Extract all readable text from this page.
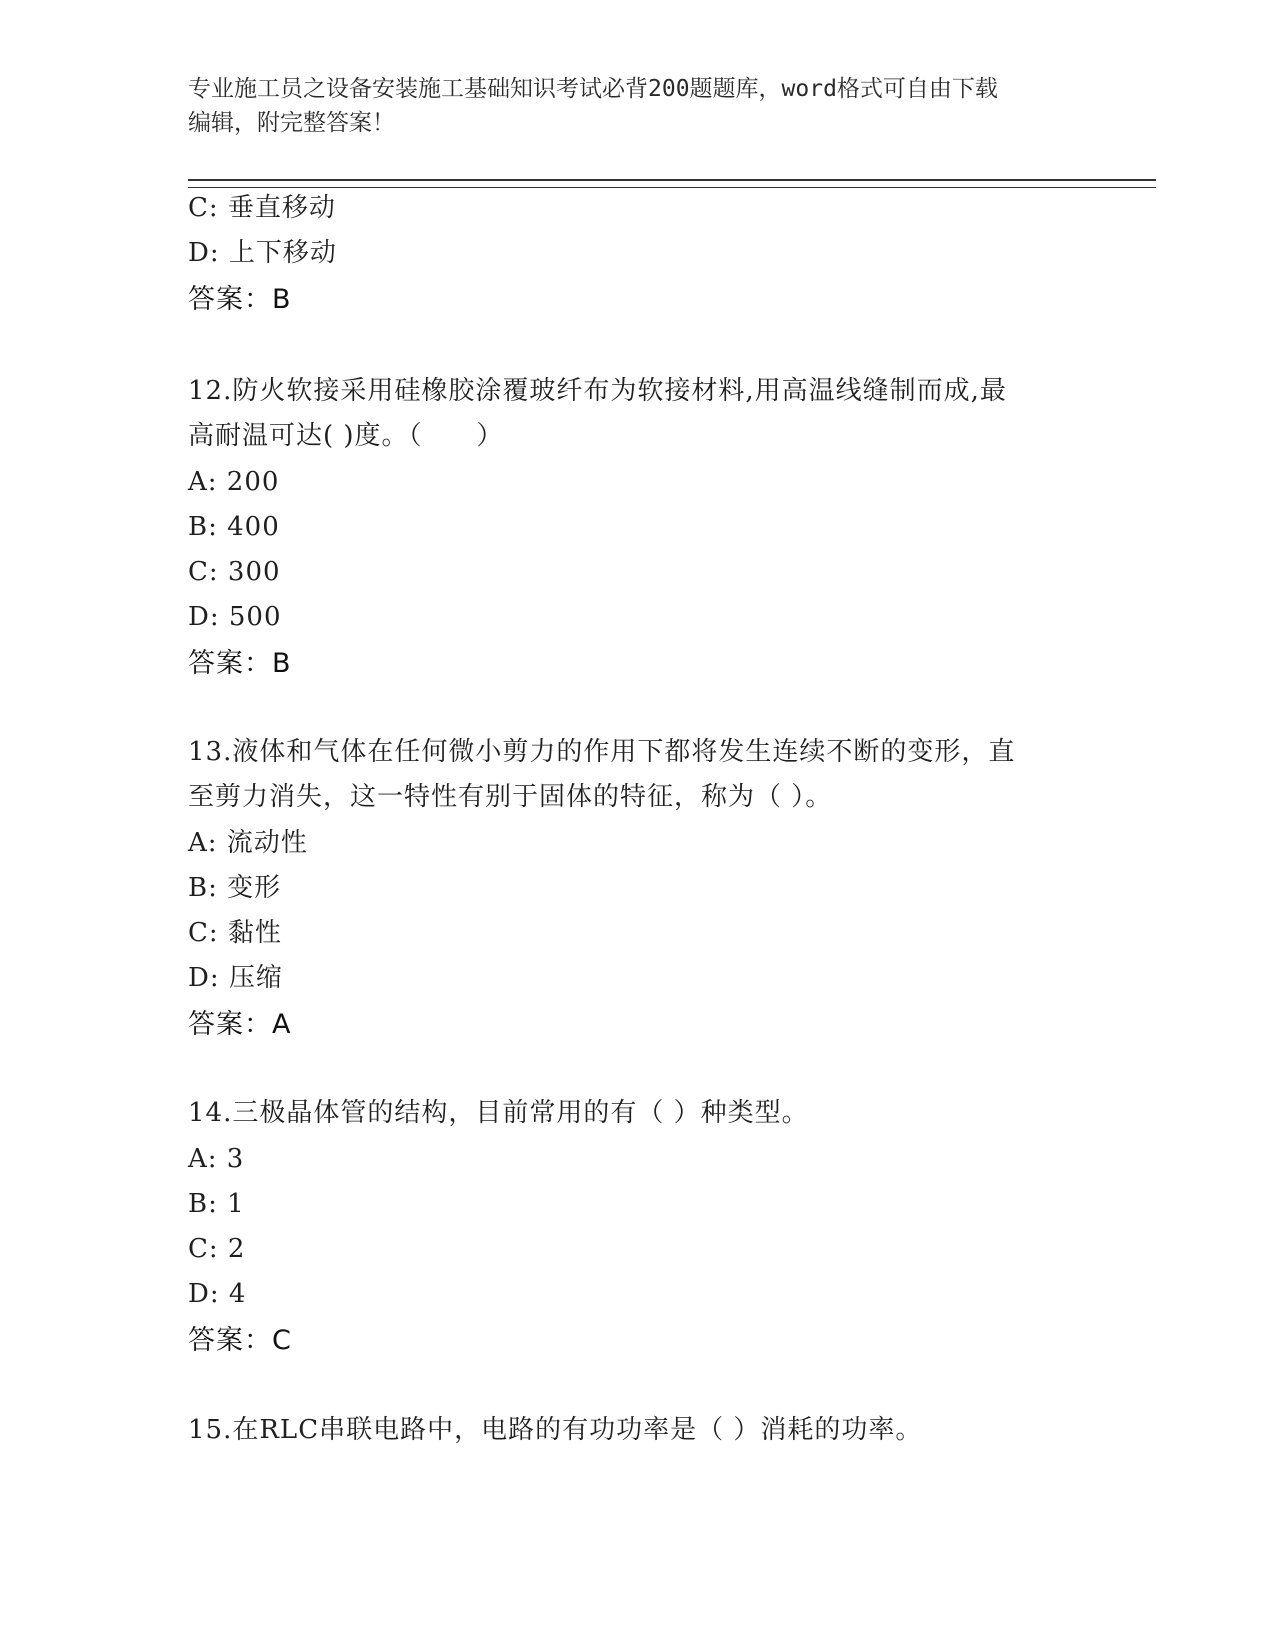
专业施工员之设备安装施工基础知识考试必背200题题库，word格式可自由下载
编辑，附完整答案！
C: 垂直移动
D: 上下移动
答案：B
12.防火软接采用硅橡胶涂覆玻纤布为软接材料,用高温线缝制而成,最
高耐温可达( )度。（　　）
A: 200
B: 400
C: 300
D: 500
答案：B
13.液体和气体在任何微小剪力的作用下都将发生连续不断的变形，直
至剪力消失，这一特性有别于固体的特征，称为（ ）。
A: 流动性
B: 变形
C: 黏性
D: 压缩
答案：A
14.三极晶体管的结构，目前常用的有（ ）种类型。
A: 3
B: 1
C: 2
D: 4
答案：C
15.在RLC串联电路中，电路的有功功率是（ ）消耗的功率。
